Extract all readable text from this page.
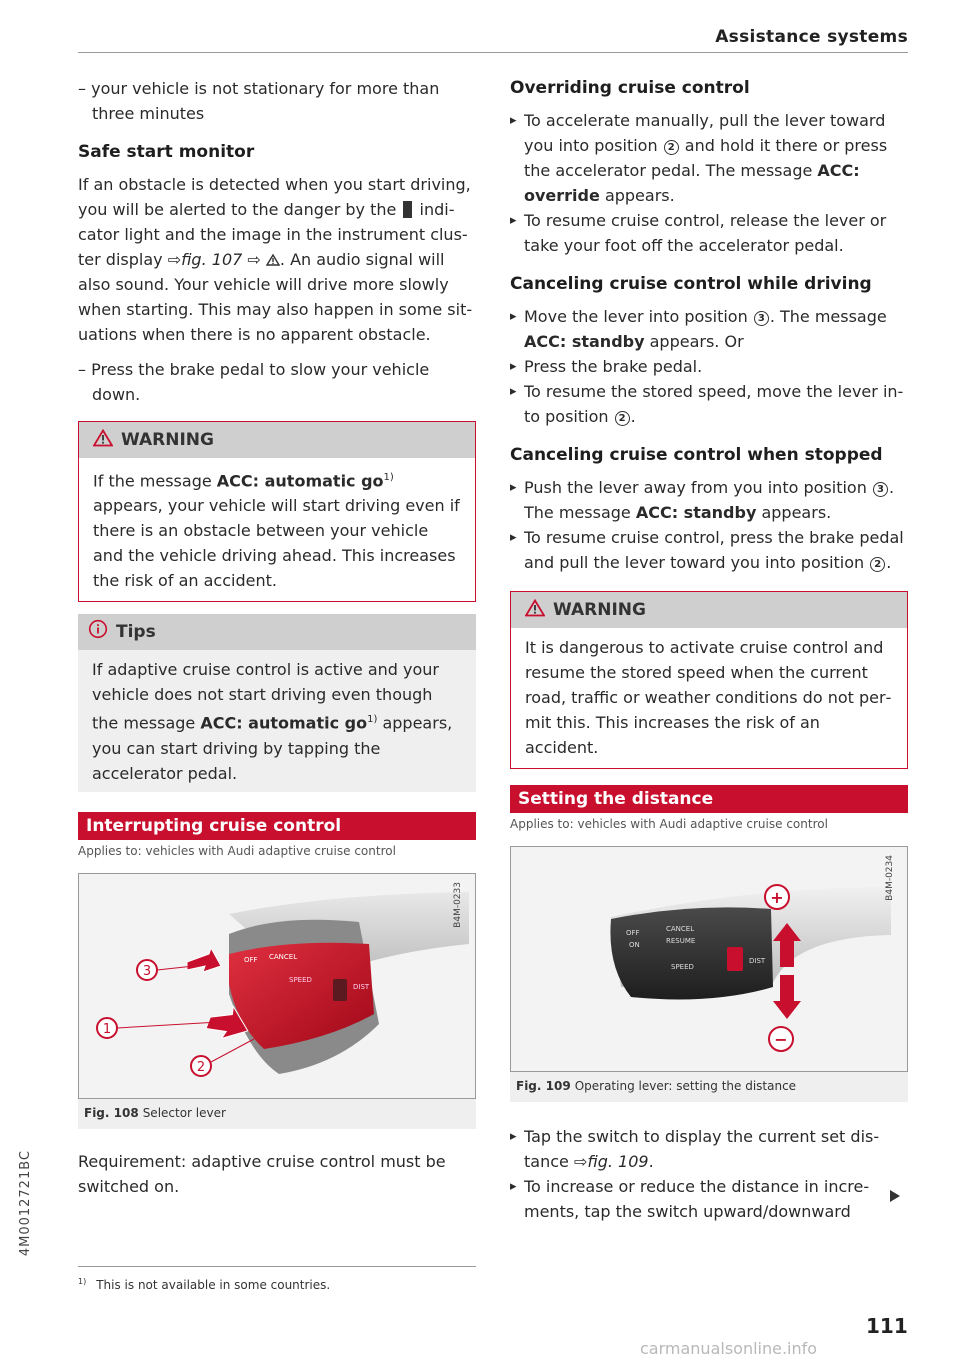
Assistance systems

– your vehicle is not stationary for more than three minutes

Safe start monitor

If an obstacle is detected when you start driving, you will be alerted to the danger by the indicator light and the image in the instrument cluster display ⇨fig. 107 ⇨ . An audio signal will also sound. Your vehicle will drive more slowly when starting. This may also happen in some situations when there is no apparent obstacle.

– Press the brake pedal to slow your vehicle down.

WARNING
If the message ACC: automatic $go^{1)}$ appears, your vehicle will start driving even if there is an obstacle between your vehicle and the vehicle driving ahead. This increases the risk of an accident.
Tips
If adaptive cruise control is active and your vehicle does not start driving even though the message ACC: automatic $go^{1)}$ appears, you can start driving by tapping the accelerator pedal.
Interrupting cruise control
Applies to: vehicles with Audi adaptive cruise control
B4M-0233
DIST
SPEED
OFF CANCEL
3
1
2
Fig. 108 Selector lever

Requirement: adaptive cruise control must be switched on.

Overriding cruise control

▸ To accelerate manually, pull the lever toward you into position 2 and hold it there or press the accelerator pedal. The message ACC: override appears.

▸ To resume cruise control, release the lever or take your foot off the accelerator pedal.

Canceling cruise control while driving

▸ Move the lever into position 3 . The message ACC: standby appears. Or

▸ Press the brake pedal.

▸ To resume the stored speed, move the lever into position 2 .

Canceling cruise control when stopped

▸ Push the lever away from you into position 3 . The message ACC: standby appears.

▸ To resume cruise control, press the brake pedal and pull the lever toward you into position 2 .

WARNING
It is dangerous to activate cruise control and resume the stored speed when the current road, traffic or weather conditions do not permit this. This increases the risk of an accident.
Setting the distance
Applies to: vehicles with Audi adaptive cruise control
B4M-0234
OFF	CANCEL
ON	RESUME
SPEED
DIST
+
−
Fig. 109 Operating lever: setting the distance

▸ Tap the switch to display the current set distance ⇨fig. 109.

▸ To increase or reduce the distance in increments, tap the switch upward/downward

$^{1)}$ This is not available in some countries.
4M0012721BC
111
carmanualsonline.info
